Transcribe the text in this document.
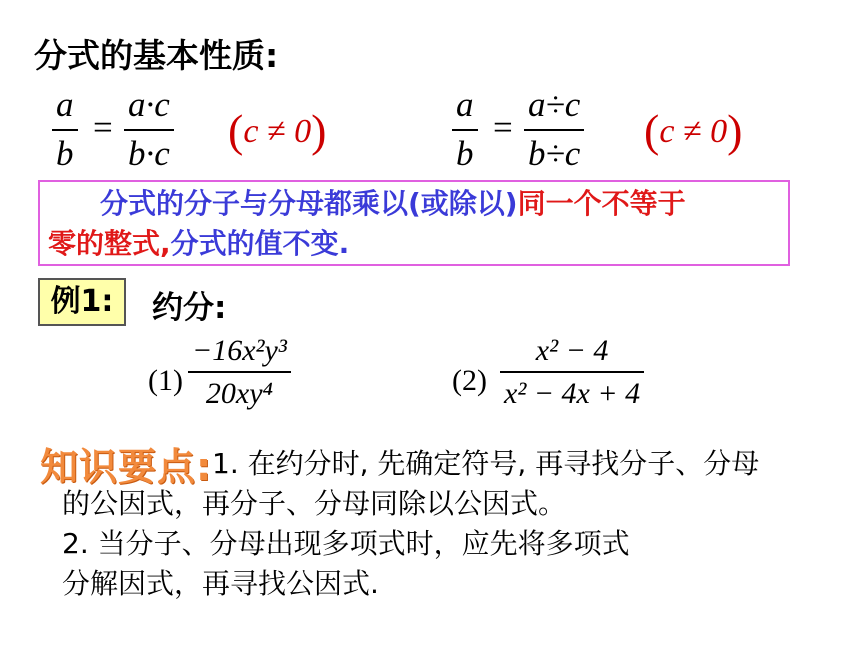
分式的基本性质:
a
b
=
a·c
b·c (c ≠ 0)
a
b
=
a÷c
b÷c (c ≠ 0)
分式的分子与分母都乘以(或除以)同一个不等于
零的整式,分式的值不变.
例1:	约分:
(1)
−16x²y³
20xy⁴	(2)
x² − 4
x² − 4x + 4
知识要点: 1. 在约分时, 先确定符号, 再寻找分子、分母
的公因式，再分子、分母同除以公因式。
2. 当分子、分母出现多项式时，应先将多项式
分解因式，再寻找公因式.
